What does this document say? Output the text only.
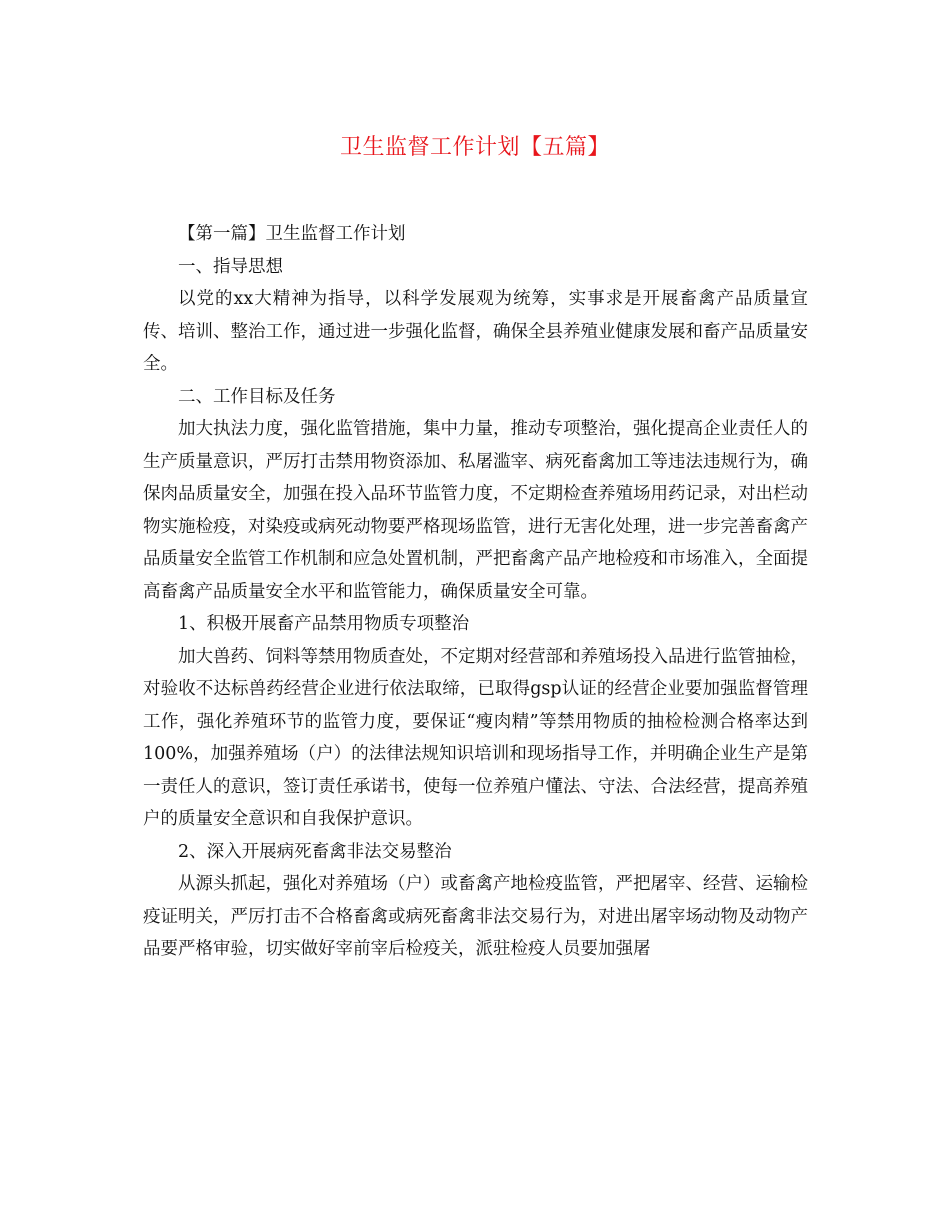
卫生监督工作计划【五篇】

【第一篇】卫生监督工作计划

一、指导思想

以党的xx大精神为指导，以科学发展观为统筹，实事求是开展畜禽产品质量宣传、培训、整治工作，通过进一步强化监督，确保全县养殖业健康发展和畜产品质量安全。

二、工作目标及任务

加大执法力度，强化监管措施，集中力量，推动专项整治，强化提高企业责任人的生产质量意识，严厉打击禁用物资添加、私屠滥宰、病死畜禽加工等违法违规行为，确保肉品质量安全，加强在投入品环节监管力度，不定期检查养殖场用药记录，对出栏动物实施检疫，对染疫或病死动物要严格现场监管，进行无害化处理，进一步完善畜禽产品质量安全监管工作机制和应急处置机制，严把畜禽产品产地检疫和市场准入，全面提高畜禽产品质量安全水平和监管能力，确保质量安全可靠。

1、积极开展畜产品禁用物质专项整治

加大兽药、饲料等禁用物质查处，不定期对经营部和养殖场投入品进行监管抽检，对验收不达标兽药经营企业进行依法取缔，已取得gsp认证的经营企业要加强监督管理工作，强化养殖环节的监管力度，要保证“瘦肉精”等禁用物质的抽检检测合格率达到100%，加强养殖场（户）的法律法规知识培训和现场指导工作，并明确企业生产是第一责任人的意识，签订责任承诺书，使每一位养殖户懂法、守法、合法经营，提高养殖户的质量安全意识和自我保护意识。

2、深入开展病死畜禽非法交易整治

从源头抓起，强化对养殖场（户）或畜禽产地检疫监管，严把屠宰、经营、运输检疫证明关，严厉打击不合格畜禽或病死畜禽非法交易行为，对进出屠宰场动物及动物产品要严格审验，切实做好宰前宰后检疫关，派驻检疫人员要加强屠
